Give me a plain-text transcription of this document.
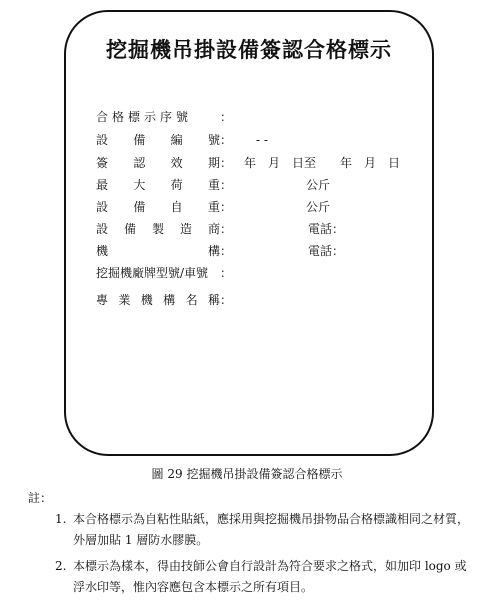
挖掘機吊掛設備簽認合格標示
合格標示序號	：
設 備 編 號 ： - -
簽 認 效 期 ： 年　月　日至　　年　月　日
最 大 荷 重 ：	公斤
設 備 自 重 ：	公斤
設 備 製 造 商 ：	電話：
機	構 ：	電話：
挖掘機廠牌型號/車號 ：
專 業 機 構 名 稱 ：
圖 29 挖掘機吊掛設備簽認合格標示
註：
1. 本合格標示為自粘性貼紙，應採用與挖掘機吊掛物品合格標識相同之材質，外層加貼 1 層防水膠膜。
2. 本標示為樣本，得由技師公會自行設計為符合要求之格式，如加印 logo 或浮水印等，惟內容應包含本標示之所有項目。
